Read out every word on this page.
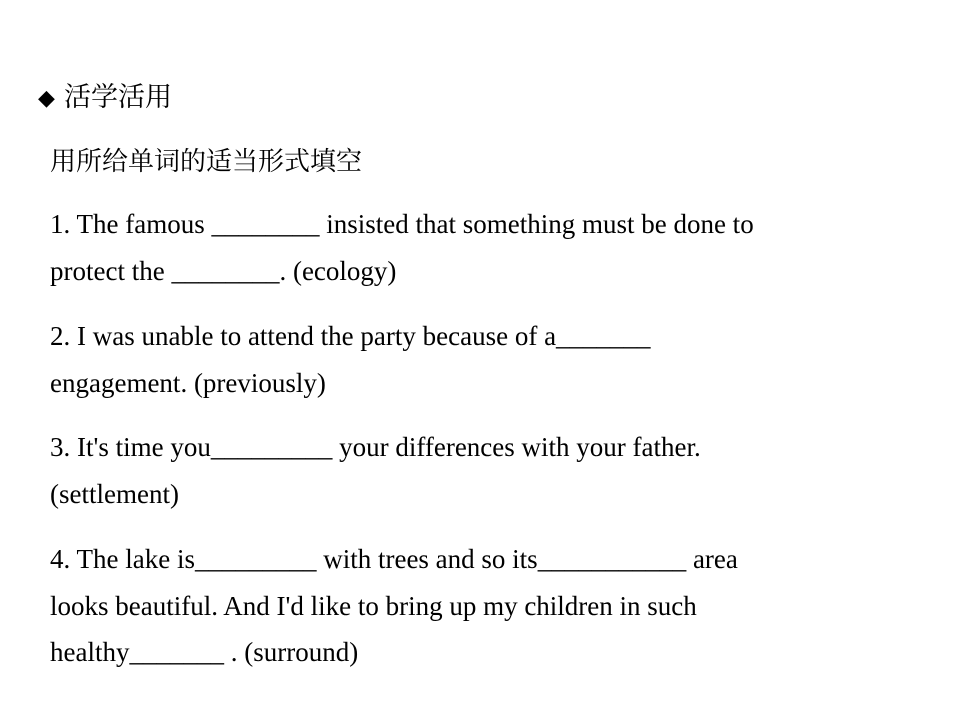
◆ 活学活用
用所给单词的适当形式填空
1. The famous ________ insisted that something must be done to
protect the ________. (ecology)
2. I was unable to attend the party because of a_______
engagement. (previously)
3. It's time you_________ your differences with your father.
(settlement)
4. The lake is_________ with trees and so its___________ area
looks beautiful. And I'd like to bring up my children in such
healthy_______ . (surround)
